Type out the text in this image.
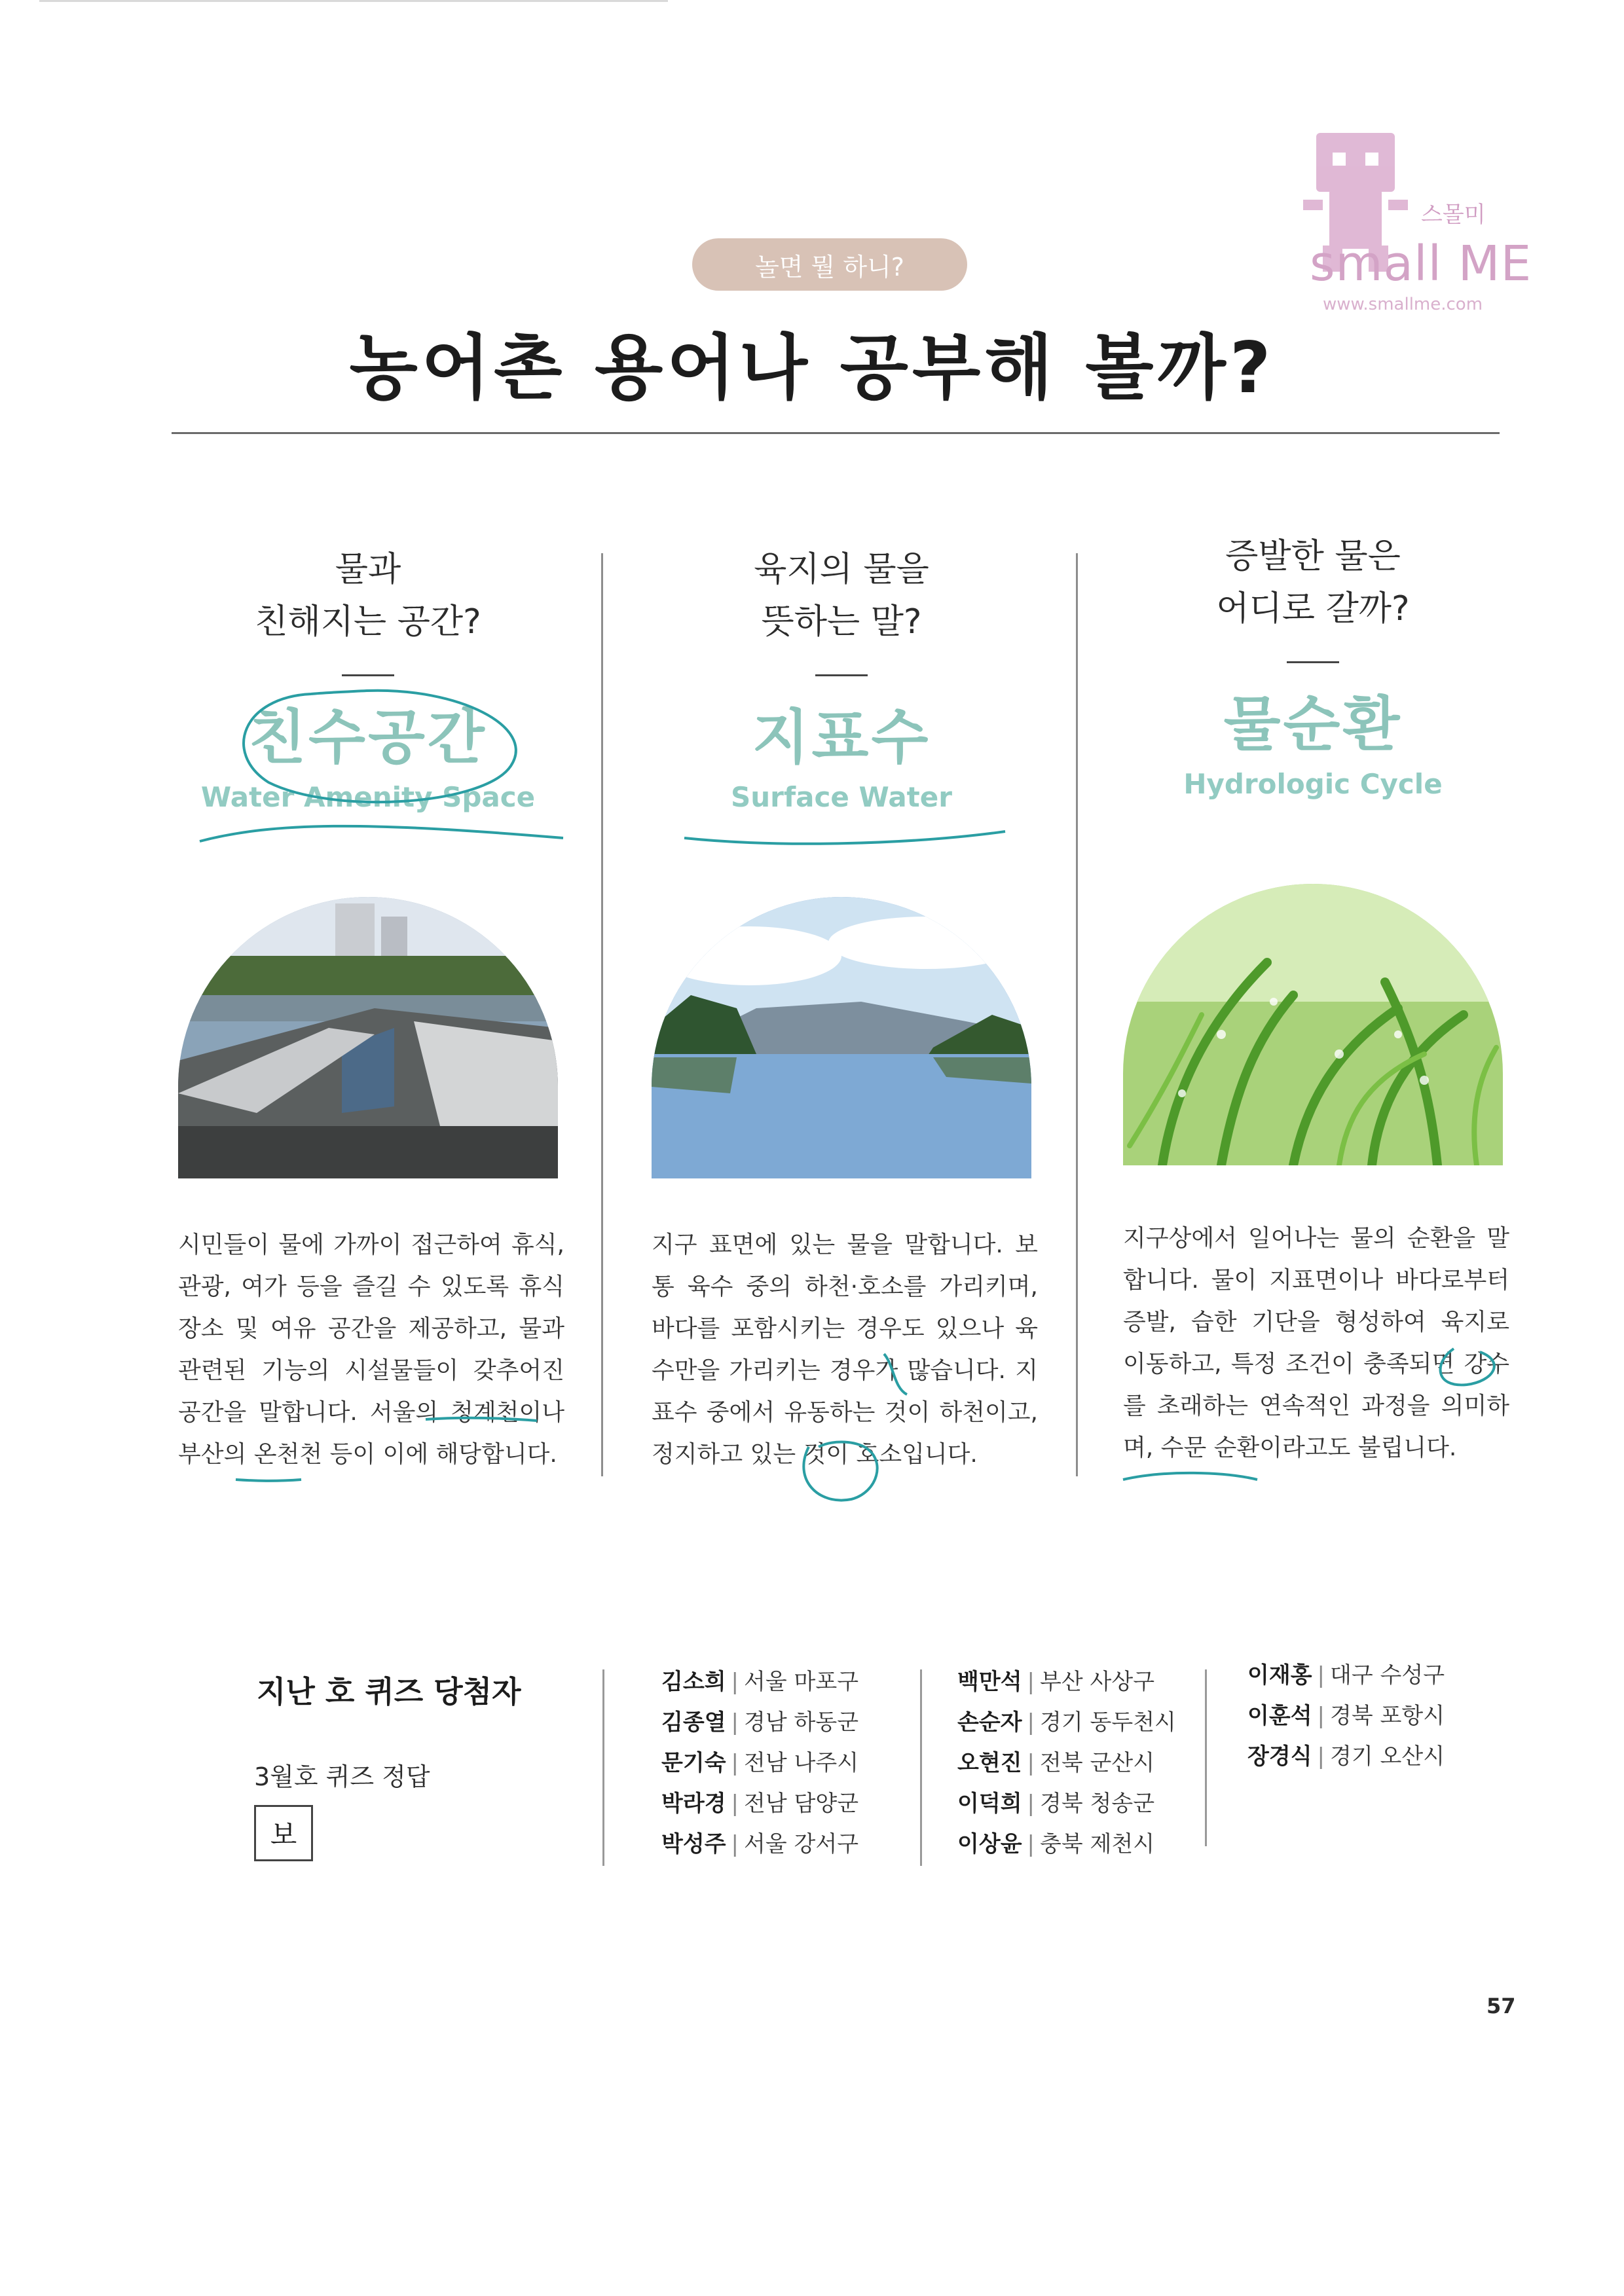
스몰미
small ME
www.smallme.com
놀면 뭘 하니?
농어촌 용어나 공부해 볼까?
물과
친해지는 공간?
친수공간
Water Amenity Space
시민들이 물에 가까이 접근하여 휴식, 관광, 여가 등을 즐길 수 있도록 휴식장소 및 여유 공간을 제공하고, 물과 관련된 기능의 시설물들이 갖추어진 공간을 말합니다. 서울의 청계천이나 부산의 온천천 등이 이에 해당합니다.
육지의 물을
뜻하는 말?
지표수
Surface Water
지구 표면에 있는 물을 말합니다. 보통 육수 중의 하천·호소를 가리키며, 바다를 포함시키는 경우도 있으나 육수만을 가리키는 경우가 많습니다. 지표수 중에서 유동하는 것이 하천이고, 정지하고 있는 것이 호소입니다.
증발한 물은
어디로 갈까?
물순환
Hydrologic Cycle
지구상에서 일어나는 물의 순환을 말합니다. 물이 지표면이나 바다로부터 증발, 습한 기단을 형성하여 육지로 이동하고, 특정 조건이 충족되면 강수를 초래하는 연속적인 과정을 의미하며, 수문 순환이라고도 불립니다.
지난 호 퀴즈 당첨자
3월호 퀴즈 정답
보
김소희 | 서울 마포구
김종열 | 경남 하동군
문기숙 | 전남 나주시
박라경 | 전남 담양군
박성주 | 서울 강서구
백만석 | 부산 사상구
손순자 | 경기 동두천시
오현진 | 전북 군산시
이덕희 | 경북 청송군
이상윤 | 충북 제천시
이재홍 | 대구 수성구
이훈석 | 경북 포항시
장경식 | 경기 오산시
57
